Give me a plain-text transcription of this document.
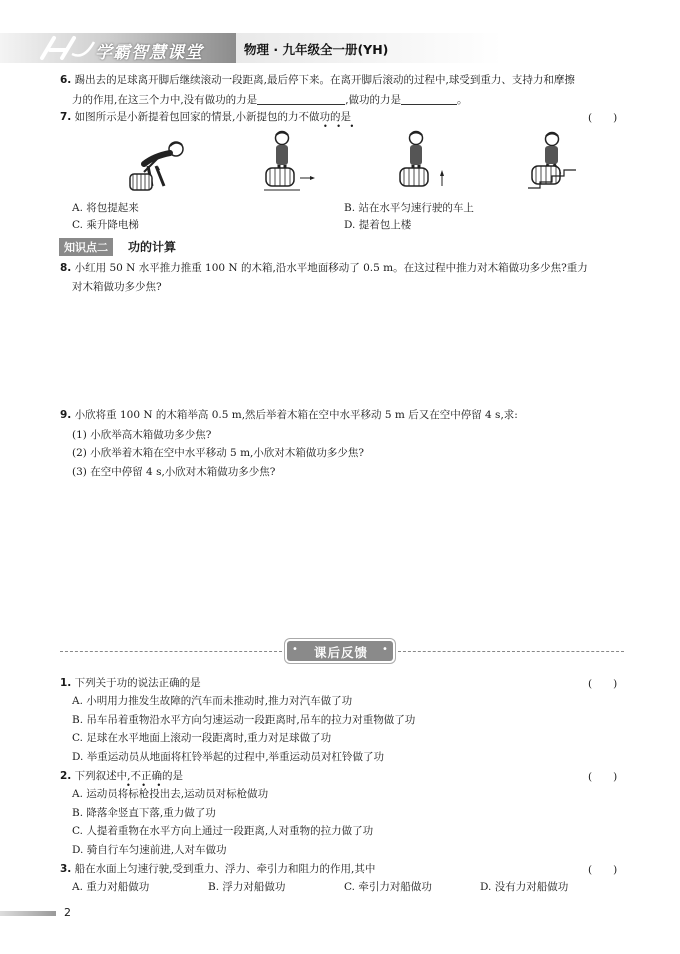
学霸智慧课堂	物理 · 九年级全一册(YH)
6. 踢出去的足球离开脚后继续滚动一段距离,最后停下来。在离开脚后滚动的过程中,球受到重力、支持力和摩擦
力的作用,在这三个力中,没有做功的力是	,做功的力是	。
7. 如图所示是小新提着包回家的情景,小新提包的力不做功的是
• • •
(　　)
A. 将包提起来	B. 站在水平匀速行驶的车上
C. 乘升降电梯	D. 提着包上楼
知识点二	功的计算
8. 小红用 50 N 水平推力推重 100 N 的木箱,沿水平地面移动了 0.5 m。在这过程中推力对木箱做功多少焦?重力
对木箱做功多少焦?
9. 小欣将重 100 N 的木箱举高 0.5 m,然后举着木箱在空中水平移动 5 m 后又在空中停留 4 s,求:
(1) 小欣举高木箱做功多少焦?
(2) 小欣举着木箱在空中水平移动 5 m,小欣对木箱做功多少焦?
(3) 在空中停留 4 s,小欣对木箱做功多少焦?
•	课后反馈	•
1. 下列关于功的说法正确的是	(　　)
A. 小明用力推发生故障的汽车而未推动时,推力对汽车做了功
B. 吊车吊着重物沿水平方向匀速运动一段距离时,吊车的拉力对重物做了功
C. 足球在水平地面上滚动一段距离时,重力对足球做了功
D. 举重运动员从地面将杠铃举起的过程中,举重运动员对杠铃做了功
2. 下列叙述中,不正确的是
• • •
(　　)
A. 运动员将标枪投出去,运动员对标枪做功
B. 降落伞竖直下落,重力做了功
C. 人提着重物在水平方向上通过一段距离,人对重物的拉力做了功
D. 骑自行车匀速前进,人对车做功
3. 船在水面上匀速行驶,受到重力、浮力、牵引力和阻力的作用,其中	(　　)
A. 重力对船做功	B. 浮力对船做功	C. 牵引力对船做功	D. 没有力对船做功
2
